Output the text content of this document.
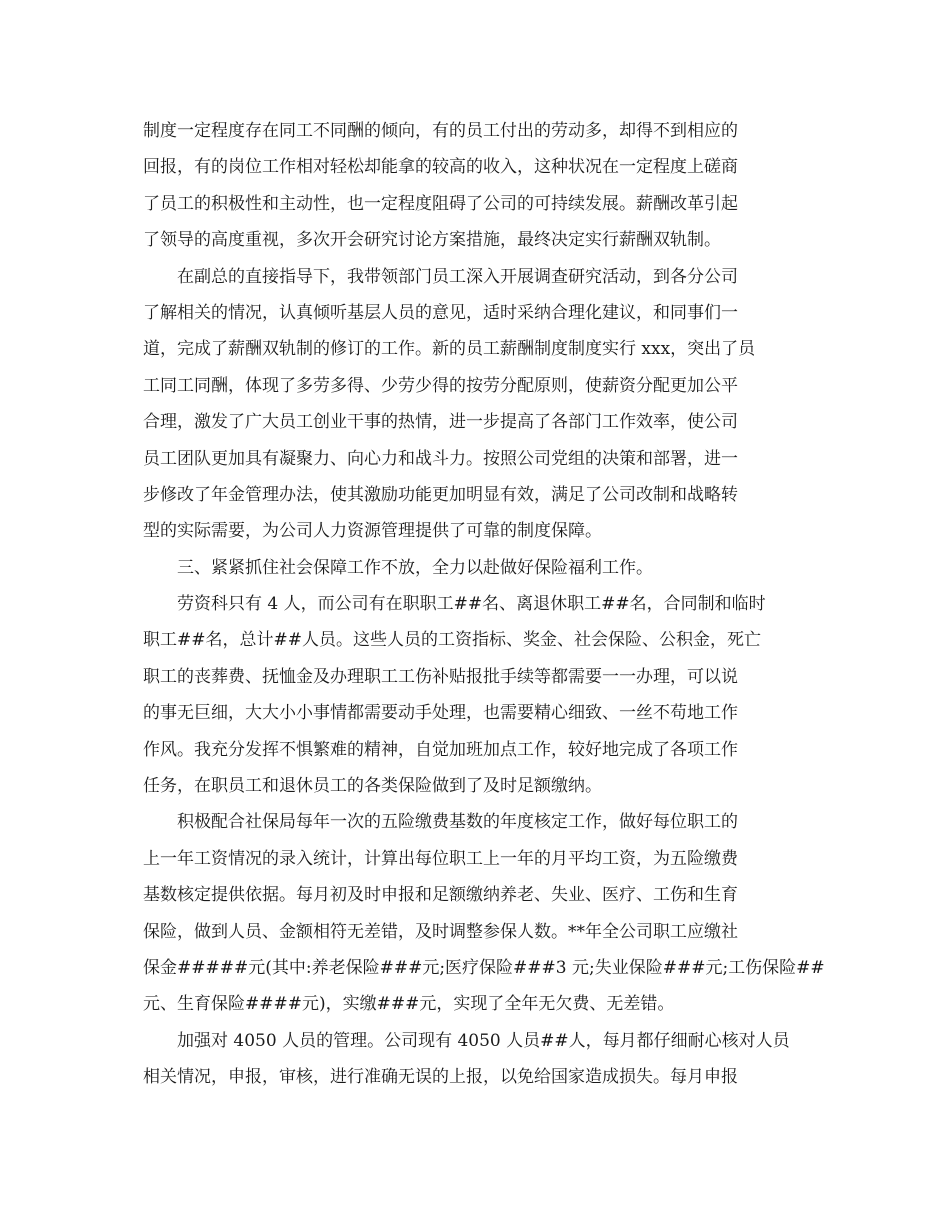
制度一定程度存在同工不同酬的倾向，有的员工付出的劳动多，却得不到相应的
回报，有的岗位工作相对轻松却能拿的较高的收入，这种状况在一定程度上磋商
了员工的积极性和主动性，也一定程度阻碍了公司的可持续发展。薪酬改革引起
了领导的高度重视，多次开会研究讨论方案措施，最终决定实行薪酬双轨制。
在副总的直接指导下，我带领部门员工深入开展调查研究活动，到各分公司
了解相关的情况，认真倾听基层人员的意见，适时采纳合理化建议，和同事们一
道，完成了薪酬双轨制的修订的工作。新的员工薪酬制度制度实行 xxx，突出了员
工同工同酬，体现了多劳多得、少劳少得的按劳分配原则，使薪资分配更加公平
合理，激发了广大员工创业干事的热情，进一步提高了各部门工作效率，使公司
员工团队更加具有凝聚力、向心力和战斗力。按照公司党组的决策和部署，进一
步修改了年金管理办法，使其激励功能更加明显有效，满足了公司改制和战略转
型的实际需要，为公司人力资源管理提供了可靠的制度保障。
三、紧紧抓住社会保障工作不放，全力以赴做好保险福利工作。
劳资科只有 4 人，而公司有在职职工##名、离退休职工##名，合同制和临时
职工##名，总计##人员。这些人员的工资指标、奖金、社会保险、公积金，死亡
职工的丧葬费、抚恤金及办理职工工伤补贴报批手续等都需要一一办理，可以说
的事无巨细，大大小小事情都需要动手处理，也需要精心细致、一丝不苟地工作
作风。我充分发挥不惧繁难的精神，自觉加班加点工作，较好地完成了各项工作
任务，在职员工和退休员工的各类保险做到了及时足额缴纳。
积极配合社保局每年一次的五险缴费基数的年度核定工作，做好每位职工的
上一年工资情况的录入统计，计算出每位职工上一年的月平均工资，为五险缴费
基数核定提供依据。每月初及时申报和足额缴纳养老、失业、医疗、工伤和生育
保险，做到人员、金额相符无差错，及时调整参保人数。**年全公司职工应缴社
保金#####元(其中:养老保险###元;医疗保险###3 元;失业保险###元;工伤保险##
元、生育保险####元)，实缴###元，实现了全年无欠费、无差错。
加强对 4050 人员的管理。公司现有 4050 人员##人，每月都仔细耐心核对人员
相关情况，申报，审核，进行准确无误的上报，以免给国家造成损失。每月申报
